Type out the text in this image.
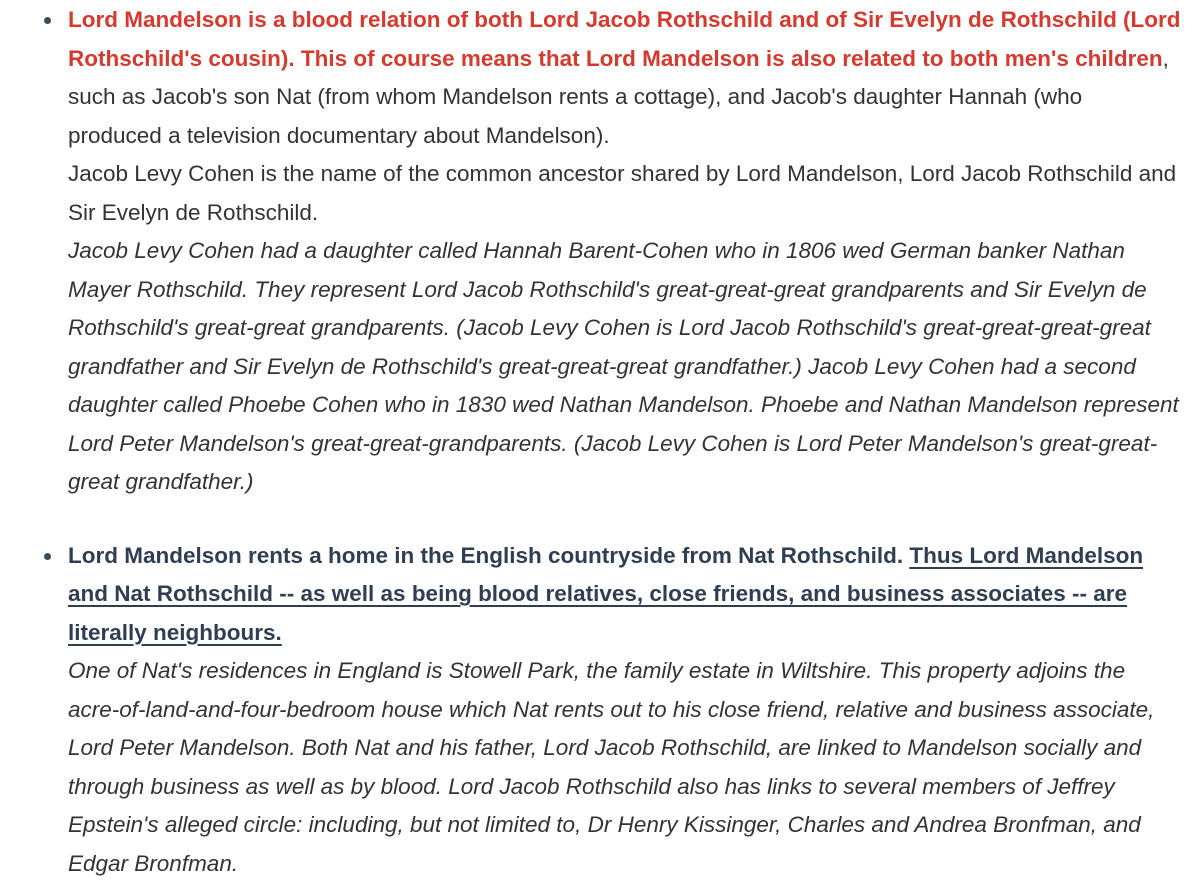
Lord Mandelson is a blood relation of both Lord Jacob Rothschild and of Sir Evelyn de Rothschild (Lord Rothschild's cousin). This of course means that Lord Mandelson is also related to both men's children, such as Jacob's son Nat (from whom Mandelson rents a cottage), and Jacob's daughter Hannah (who produced a television documentary about Mandelson).

Jacob Levy Cohen is the name of the common ancestor shared by Lord Mandelson, Lord Jacob Rothschild and Sir Evelyn de Rothschild.

Jacob Levy Cohen had a daughter called Hannah Barent-Cohen who in 1806 wed German banker Nathan Mayer Rothschild. They represent Lord Jacob Rothschild's great-great-great grandparents and Sir Evelyn de Rothschild's great-great grandparents. (Jacob Levy Cohen is Lord Jacob Rothschild's great-great-great-great grandfather and Sir Evelyn de Rothschild's great-great-great grandfather.) Jacob Levy Cohen had a second daughter called Phoebe Cohen who in 1830 wed Nathan Mandelson. Phoebe and Nathan Mandelson represent Lord Peter Mandelson's great-great-grandparents. (Jacob Levy Cohen is Lord Peter Mandelson's great-great-great grandfather.)

Lord Mandelson rents a home in the English countryside from Nat Rothschild. Thus Lord Mandelson and Nat Rothschild -- as well as being blood relatives, close friends, and business associates -- are literally neighbours.

One of Nat's residences in England is Stowell Park, the family estate in Wiltshire. This property adjoins the acre-of-land-and-four-bedroom house which Nat rents out to his close friend, relative and business associate, Lord Peter Mandelson. Both Nat and his father, Lord Jacob Rothschild, are linked to Mandelson socially and through business as well as by blood. Lord Jacob Rothschild also has links to several members of Jeffrey Epstein's alleged circle: including, but not limited to, Dr Henry Kissinger, Charles and Andrea Bronfman, and Edgar Bronfman.
